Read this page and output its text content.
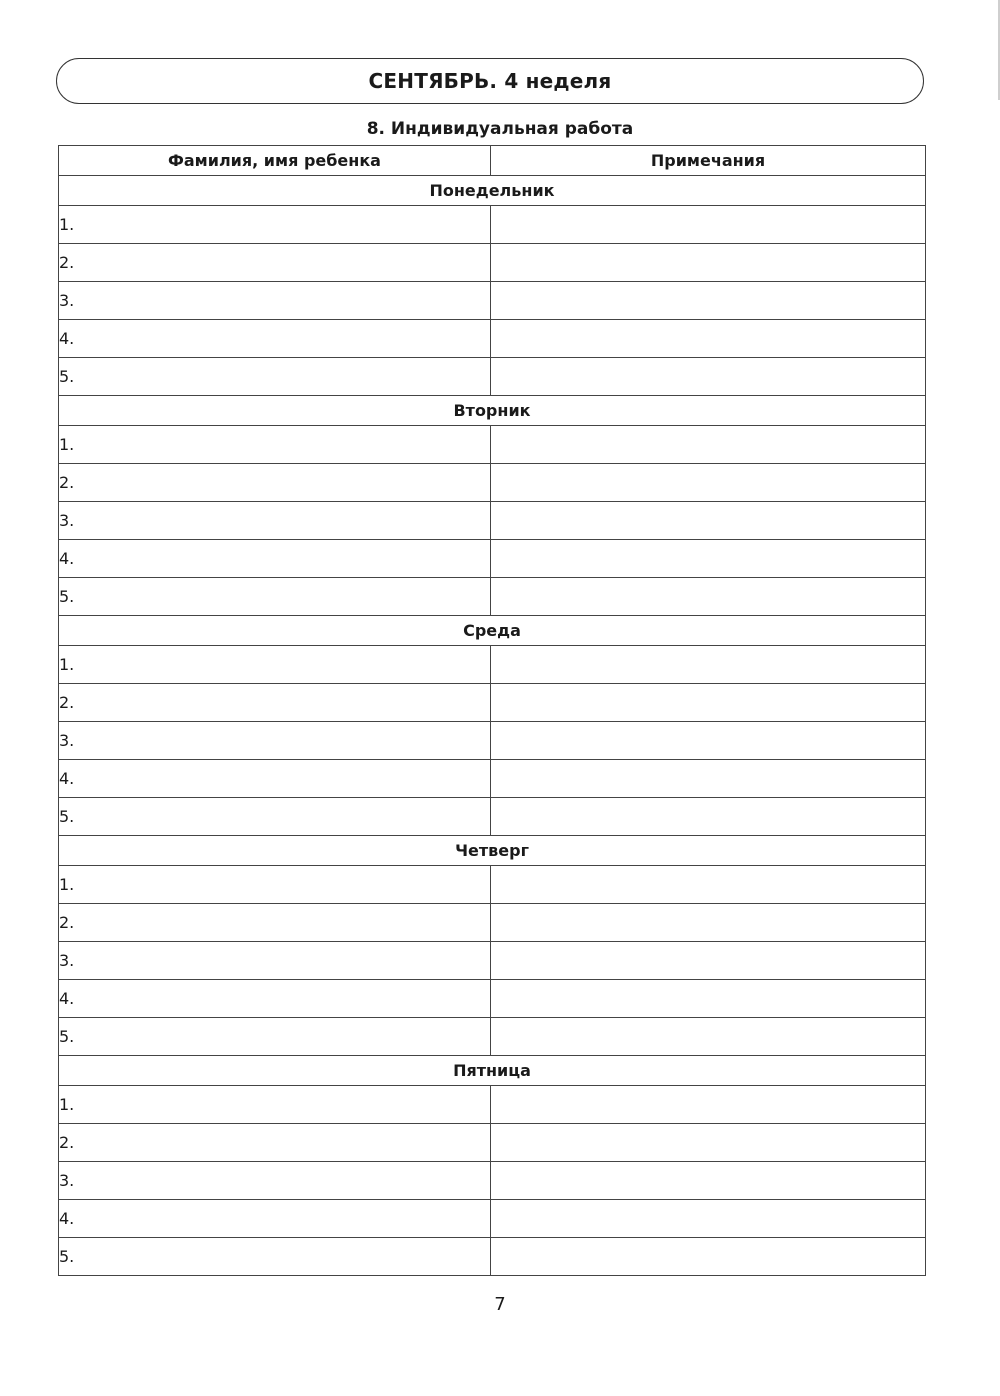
СЕНТЯБРЬ. 4 неделя
8. Индивидуальная работа
Фамилия, имя ребенка	Примечания
Понедельник	
1.	
2.	
3.	
4.	
5.	
Вторник	
1.	
2.	
3.	
4.	
5.	
Среда	
1.	
2.	
3.	
4.	
5.	
Четверг	
1.	
2.	
3.	
4.	
5.	
Пятница	
1.	
2.	
3.	
4.	
5.	
7
